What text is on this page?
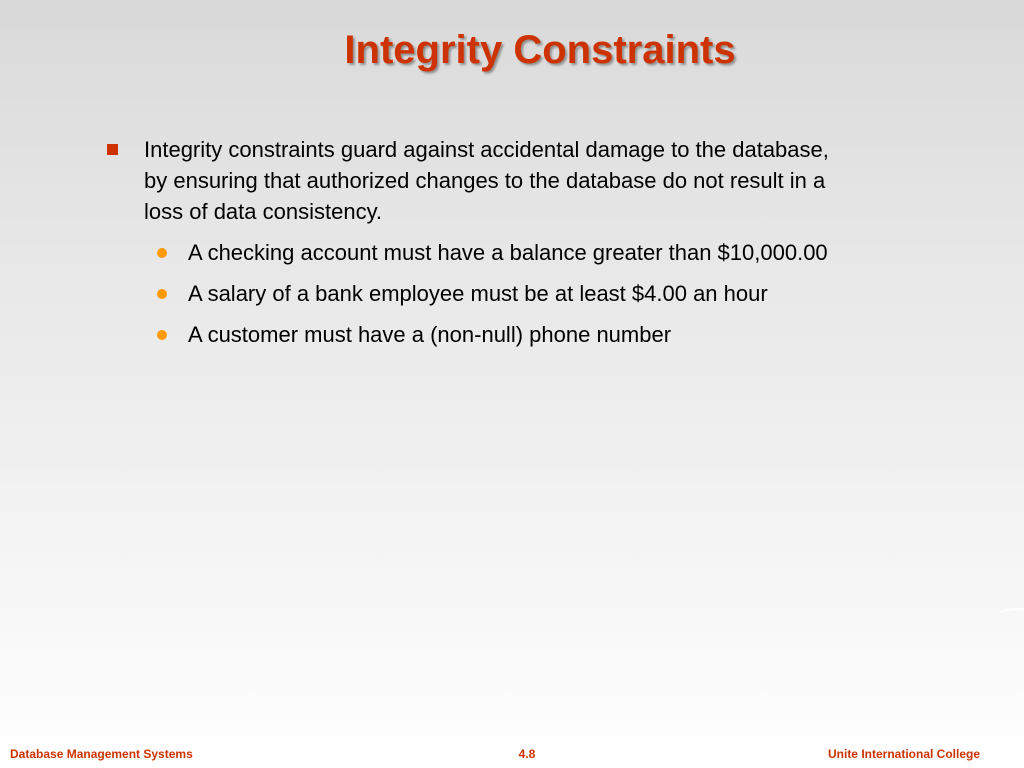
Integrity Constraints
Integrity constraints guard against accidental damage to the database, by ensuring that authorized changes to the database do not result in a loss of data consistency.
A checking account must have a balance greater than $10,000.00
A salary of a bank employee must be at least $4.00 an hour
A customer must have a (non-null) phone number
Database Management Systems	4.8	Unite International College
